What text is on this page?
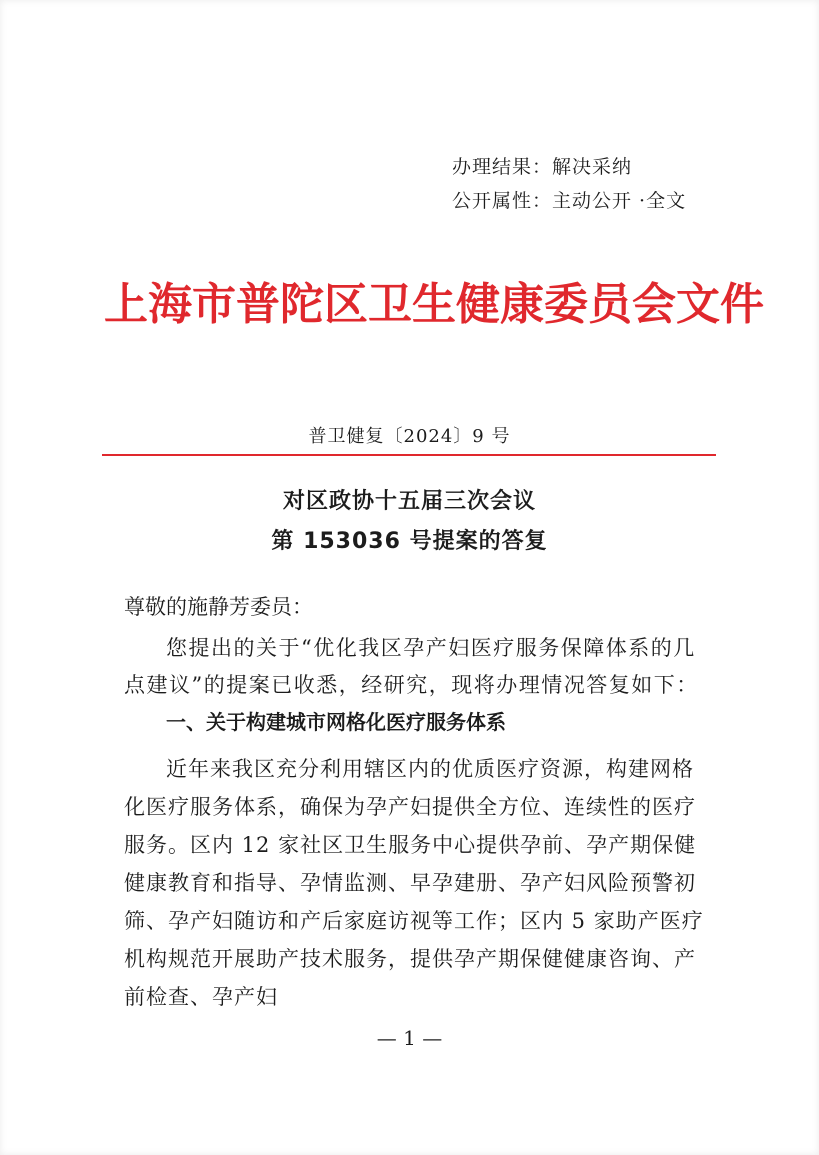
办理结果：解决采纳
公开属性：主动公开 ·全文
上海市普陀区卫生健康委员会文件
普卫健复〔2024〕9 号
对区政协十五届三次会议
第 153036 号提案的答复
尊敬的施静芳委员：
您提出的关于“优化我区孕产妇医疗服务保障体系的几点建议”的提案已收悉，经研究，现将办理情况答复如下：
一、关于构建城市网格化医疗服务体系
近年来我区充分利用辖区内的优质医疗资源，构建网格化医疗服务体系，确保为孕产妇提供全方位、连续性的医疗服务。区内 12 家社区卫生服务中心提供孕前、孕产期保健健康教育和指导、孕情监测、早孕建册、孕产妇风险预警初筛、孕产妇随访和产后家庭访视等工作；区内 5 家助产医疗机构规范开展助产技术服务，提供孕产期保健健康咨询、产前检查、孕产妇
— 1 —
